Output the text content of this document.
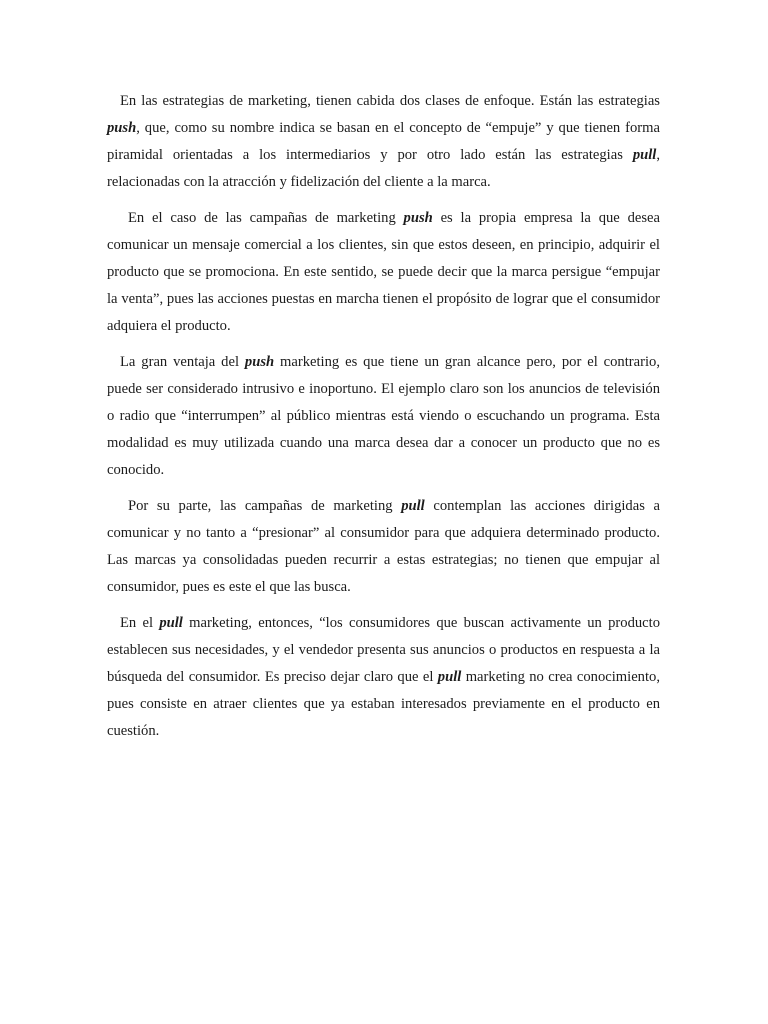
En las estrategias de marketing, tienen cabida dos clases de enfoque. Están las estrategias push, que, como su nombre indica se basan en el concepto de “empuje” y que tienen forma piramidal orientadas a los intermediarios y por otro lado están las estrategias pull, relacionadas con la atracción y fidelización del cliente a la marca.

En el caso de las campañas de marketing push es la propia empresa la que desea comunicar un mensaje comercial a los clientes, sin que estos deseen, en principio, adquirir el producto que se promociona. En este sentido, se puede decir que la marca persigue “empujar la venta”, pues las acciones puestas en marcha tienen el propósito de lograr que el consumidor adquiera el producto.

La gran ventaja del push marketing es que tiene un gran alcance pero, por el contrario, puede ser considerado intrusivo e inoportuno. El ejemplo claro son los anuncios de televisión o radio que “interrumpen” al público mientras está viendo o escuchando un programa. Esta modalidad es muy utilizada cuando una marca desea dar a conocer un producto que no es conocido.

Por su parte, las campañas de marketing pull contemplan las acciones dirigidas a comunicar y no tanto a “presionar” al consumidor para que adquiera determinado producto. Las marcas ya consolidadas pueden recurrir a estas estrategias; no tienen que empujar al consumidor, pues es este el que las busca.

En el pull marketing, entonces, “los consumidores que buscan activamente un producto establecen sus necesidades, y el vendedor presenta sus anuncios o productos en respuesta a la búsqueda del consumidor. Es preciso dejar claro que el pull marketing no crea conocimiento, pues consiste en atraer clientes que ya estaban interesados previamente en el producto en cuestión.
